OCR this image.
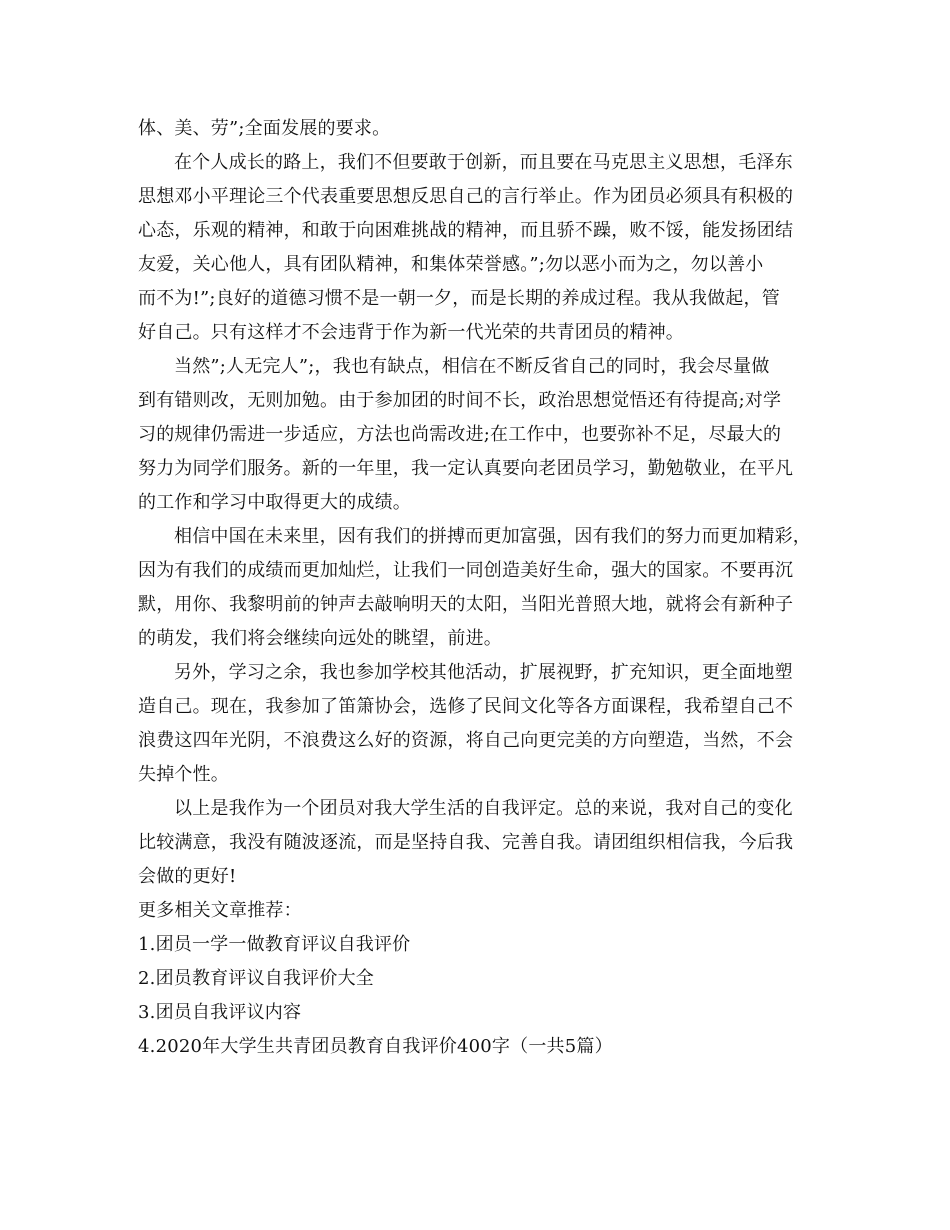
体、美、劳”;全面发展的要求。
在个人成长的路上，我们不但要敢于创新，而且要在马克思主义思想，毛泽东
思想邓小平理论三个代表重要思想反思自己的言行举止。作为团员必须具有积极的
心态，乐观的精神，和敢于向困难挑战的精神，而且骄不躁，败不馁，能发扬团结
友爱，关心他人，具有团队精神，和集体荣誉感。”;勿以恶小而为之，勿以善小
而不为!”;良好的道德习惯不是一朝一夕，而是长期的养成过程。我从我做起，管
好自己。只有这样才不会违背于作为新一代光荣的共青团员的精神。
当然”;人无完人”;，我也有缺点，相信在不断反省自己的同时，我会尽量做
到有错则改，无则加勉。由于参加团的时间不长，政治思想觉悟还有待提高;对学
习的规律仍需进一步适应，方法也尚需改进;在工作中，也要弥补不足，尽最大的
努力为同学们服务。新的一年里，我一定认真要向老团员学习，勤勉敬业，在平凡
的工作和学习中取得更大的成绩。
相信中国在未来里，因有我们的拼搏而更加富强，因有我们的努力而更加精彩，
因为有我们的成绩而更加灿烂，让我们一同创造美好生命，强大的国家。不要再沉
默，用你、我黎明前的钟声去敲响明天的太阳，当阳光普照大地，就将会有新种子
的萌发，我们将会继续向远处的眺望，前进。
另外，学习之余，我也参加学校其他活动，扩展视野，扩充知识，更全面地塑
造自己。现在，我参加了笛箫协会，选修了民间文化等各方面课程，我希望自己不
浪费这四年光阴，不浪费这么好的资源，将自己向更完美的方向塑造，当然，不会
失掉个性。
以上是我作为一个团员对我大学生活的自我评定。总的来说，我对自己的变化
比较满意，我没有随波逐流，而是坚持自我、完善自我。请团组织相信我，今后我
会做的更好!
更多相关文章推荐：
1.团员一学一做教育评议自我评价
2.团员教育评议自我评价大全
3.团员自我评议内容
4.2020年大学生共青团员教育自我评价400字（一共5篇）
